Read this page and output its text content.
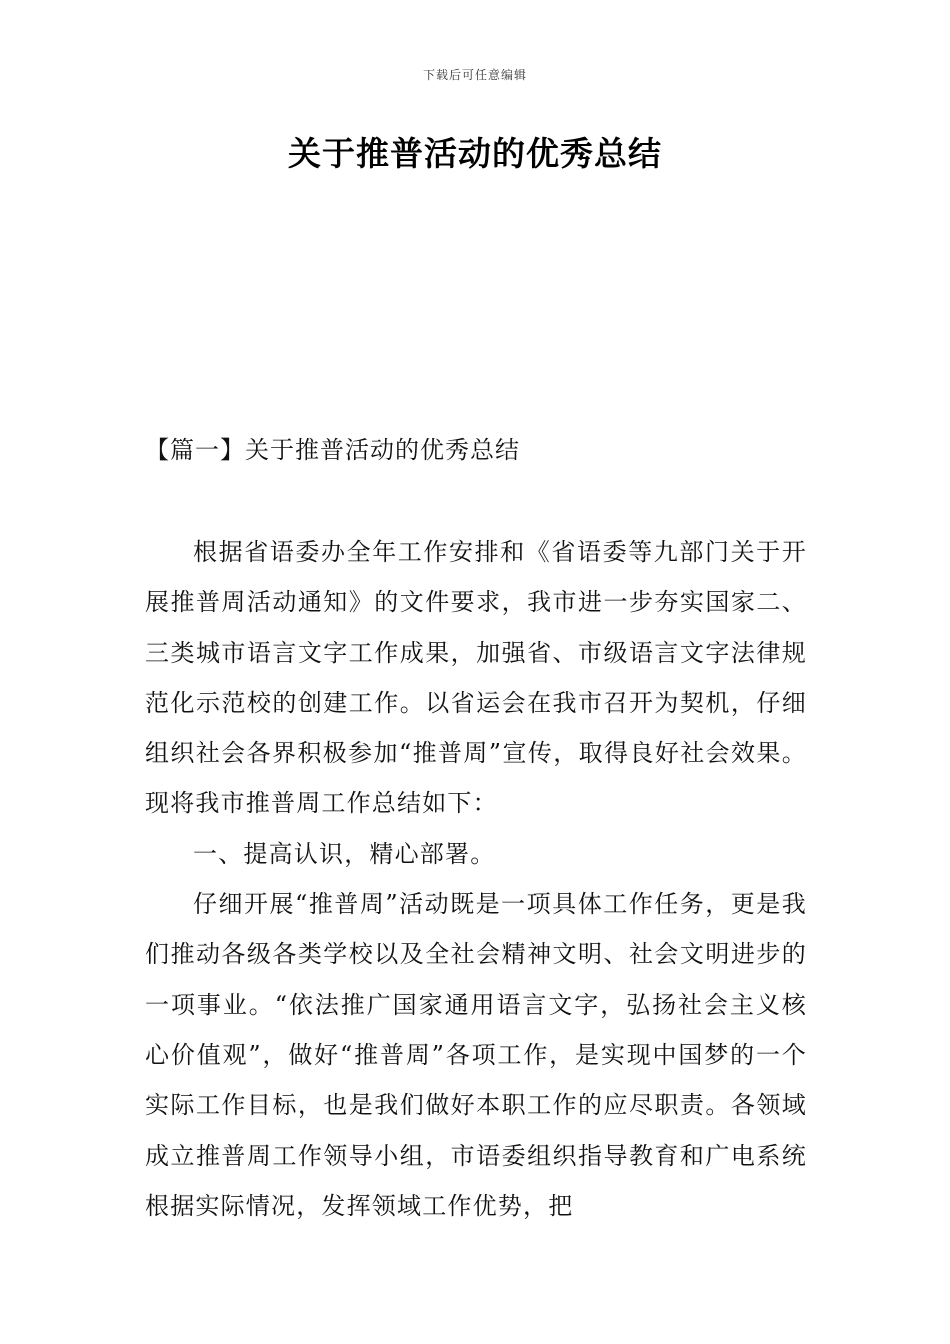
下载后可任意编辑
关于推普活动的优秀总结
【篇一】关于推普活动的优秀总结

根据省语委办全年工作安排和《省语委等九部门关于开展推普周活动通知》的文件要求，我市进一步夯实国家二、三类城市语言文字工作成果，加强省、市级语言文字法律规范化示范校的创建工作。以省运会在我市召开为契机，仔细组织社会各界积极参加“推普周”宣传，取得良好社会效果。现将我市推普周工作总结如下：

一、提高认识，精心部署。

仔细开展“推普周”活动既是一项具体工作任务，更是我们推动各级各类学校以及全社会精神文明、社会文明进步的一项事业。“依法推广国家通用语言文字，弘扬社会主义核心价值观”，做好“推普周”各项工作，是实现中国梦的一个实际工作目标，也是我们做好本职工作的应尽职责。各领域成立推普周工作领导小组，市语委组织指导教育和广电系统根据实际情况，发挥领域工作优势，把
